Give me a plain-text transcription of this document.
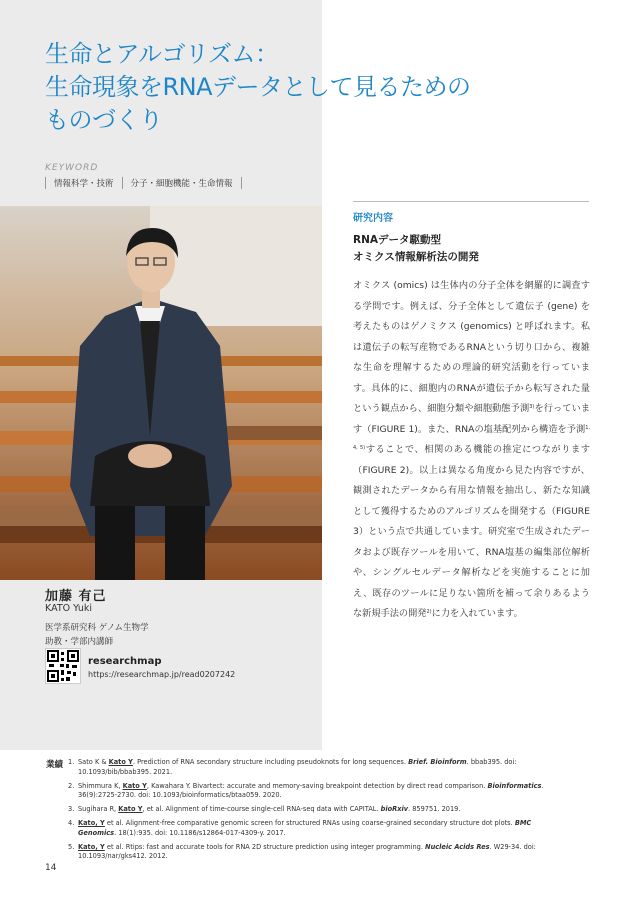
生命とアルゴリズム：
生命現象をRNAデータとして見るための
ものづくり
KEYWORD
情報科学・技術	分子・細胞機能・生命情報
加藤 有己
KATO Yuki
医学系研究科 ゲノム生物学
助教・学部内講師
researchmap
https://researchmap.jp/read0207242
研究内容
RNAデータ駆動型
オミクス情報解析法の開発

オミクス (omics) は生体内の分子全体を網羅的に調査する学問です。例えば、分子全体として遺伝子 (gene) を考えたものはゲノミクス (genomics) と呼ばれます。私は遺伝子の転写産物であるRNAという切り口から、複雑な生命を理解するための理論的研究活動を行っています。具体的に、細胞内のRNAが遺伝子から転写された量という観点から、細胞分類や細胞動態予測$^{3)}$を行っています（FIGURE 1)。また、RNAの塩基配列から構造を予測$^{1, 4, 5)}$することで、相関のある機能の推定につながります（FIGURE 2)。以上は異なる角度から見た内容ですが、観測されたデータから有用な情報を抽出し、新たな知識として獲得するためのアルゴリズムを開発する（FIGURE 3）という点で共通しています。研究室で生成されたデータおよび既存ツールを用いて、RNA塩基の編集部位解析や、シングルセルデータ解析などを実施することに加え、既存のツールに足りない箇所を補って余りあるような新規手法の開発$^{2)}$に力を入れています。

業績 1. Sato K & Kato Y. Prediction of RNA secondary structure including pseudoknots for long sequences. Brief. Bioinform. bbab395. doi: 10.1093/bib/bbab395. 2021.
2. Shimmura K, Kato Y, Kawahara Y. Bivartect: accurate and memory-saving breakpoint detection by direct read comparison. Bioinformatics. 36(9):2725-2730. doi: 10.1093/bioinformatics/btaa059. 2020.
3. Sugihara R, Kato Y, et al. Alignment of time-course single-cell RNA-seq data with CAPITAL. bioRxiv. 859751. 2019.
4. Kato, Y et al. Alignment-free comparative genomic screen for structured RNAs using coarse-grained secondary structure dot plots. BMC Genomics. 18(1):935. doi: 10.1186/s12864-017-4309-y. 2017.
5. Kato, Y et al. Rtips: fast and accurate tools for RNA 2D structure prediction using integer programming. Nucleic Acids Res. W29-34. doi: 10.1093/nar/gks412. 2012.
14
